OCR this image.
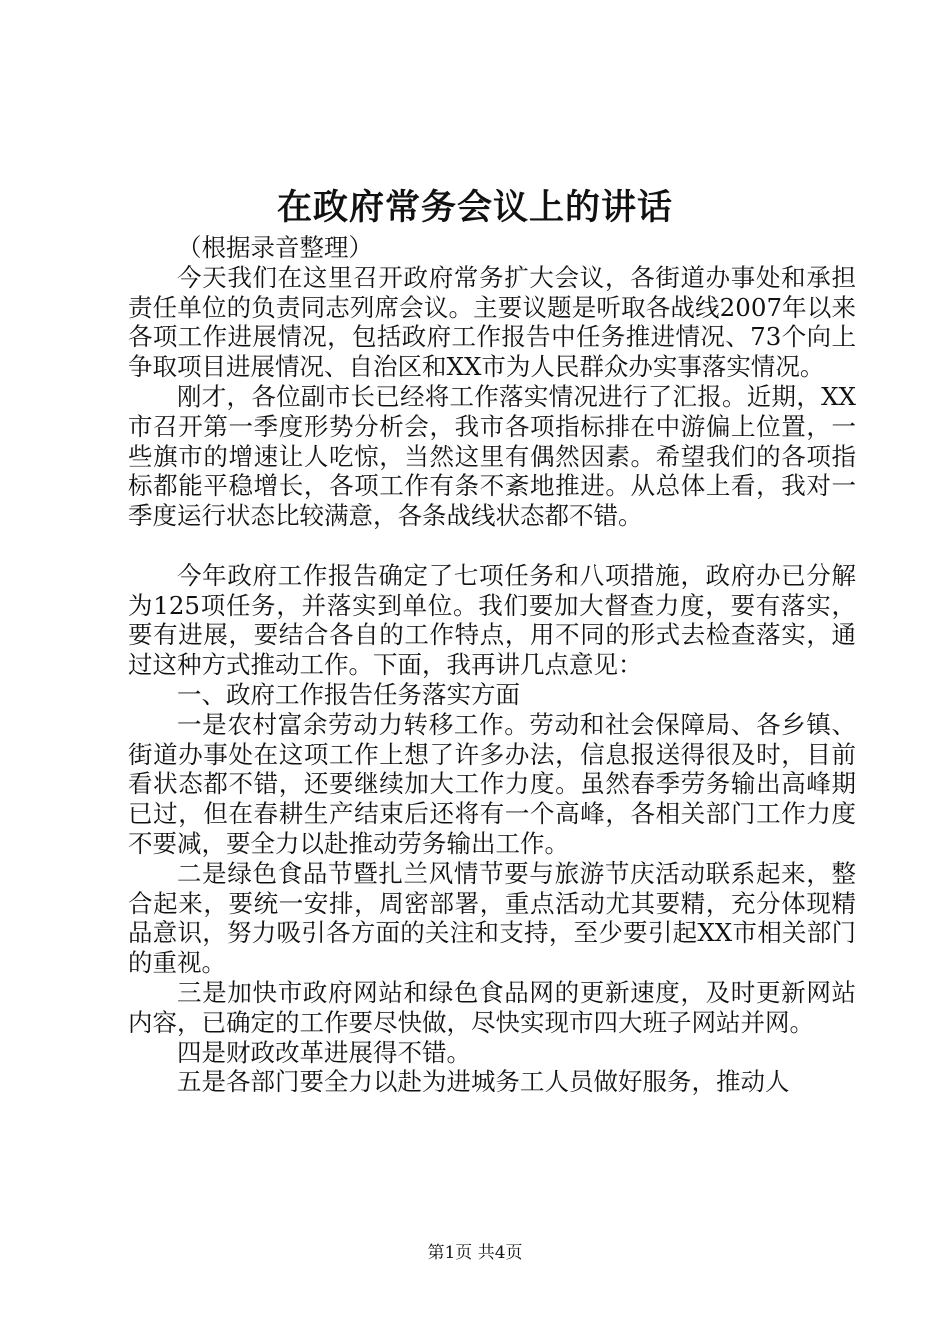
在政府常务会议上的讲话

（根据录音整理）

今天我们在这里召开政府常务扩大会议，各街道办事处和承担责任单位的负责同志列席会议。主要议题是听取各战线2007年以来各项工作进展情况，包括政府工作报告中任务推进情况、73个向上争取项目进展情况、自治区和XX市为人民群众办实事落实情况。

刚才，各位副市长已经将工作落实情况进行了汇报。近期，XX市召开第一季度形势分析会，我市各项指标排在中游偏上位置，一些旗市的增速让人吃惊，当然这里有偶然因素。希望我们的各项指标都能平稳增长，各项工作有条不紊地推进。从总体上看，我对一季度运行状态比较满意，各条战线状态都不错。

今年政府工作报告确定了七项任务和八项措施，政府办已分解为125项任务，并落实到单位。我们要加大督查力度，要有落实，要有进展，要结合各自的工作特点，用不同的形式去检查落实，通过这种方式推动工作。下面，我再讲几点意见：

一、政府工作报告任务落实方面

一是农村富余劳动力转移工作。劳动和社会保障局、各乡镇、街道办事处在这项工作上想了许多办法，信息报送得很及时，目前看状态都不错，还要继续加大工作力度。虽然春季劳务输出高峰期已过，但在春耕生产结束后还将有一个高峰，各相关部门工作力度不要减，要全力以赴推动劳务输出工作。

二是绿色食品节暨扎兰风情节要与旅游节庆活动联系起来，整合起来，要统一安排，周密部署，重点活动尤其要精，充分体现精品意识，努力吸引各方面的关注和支持，至少要引起XX市相关部门的重视。

三是加快市政府网站和绿色食品网的更新速度，及时更新网站内容，已确定的工作要尽快做，尽快实现市四大班子网站并网。

四是财政改革进展得不错。

五是各部门要全力以赴为进城务工人员做好服务，推动人

第1页 共4页
